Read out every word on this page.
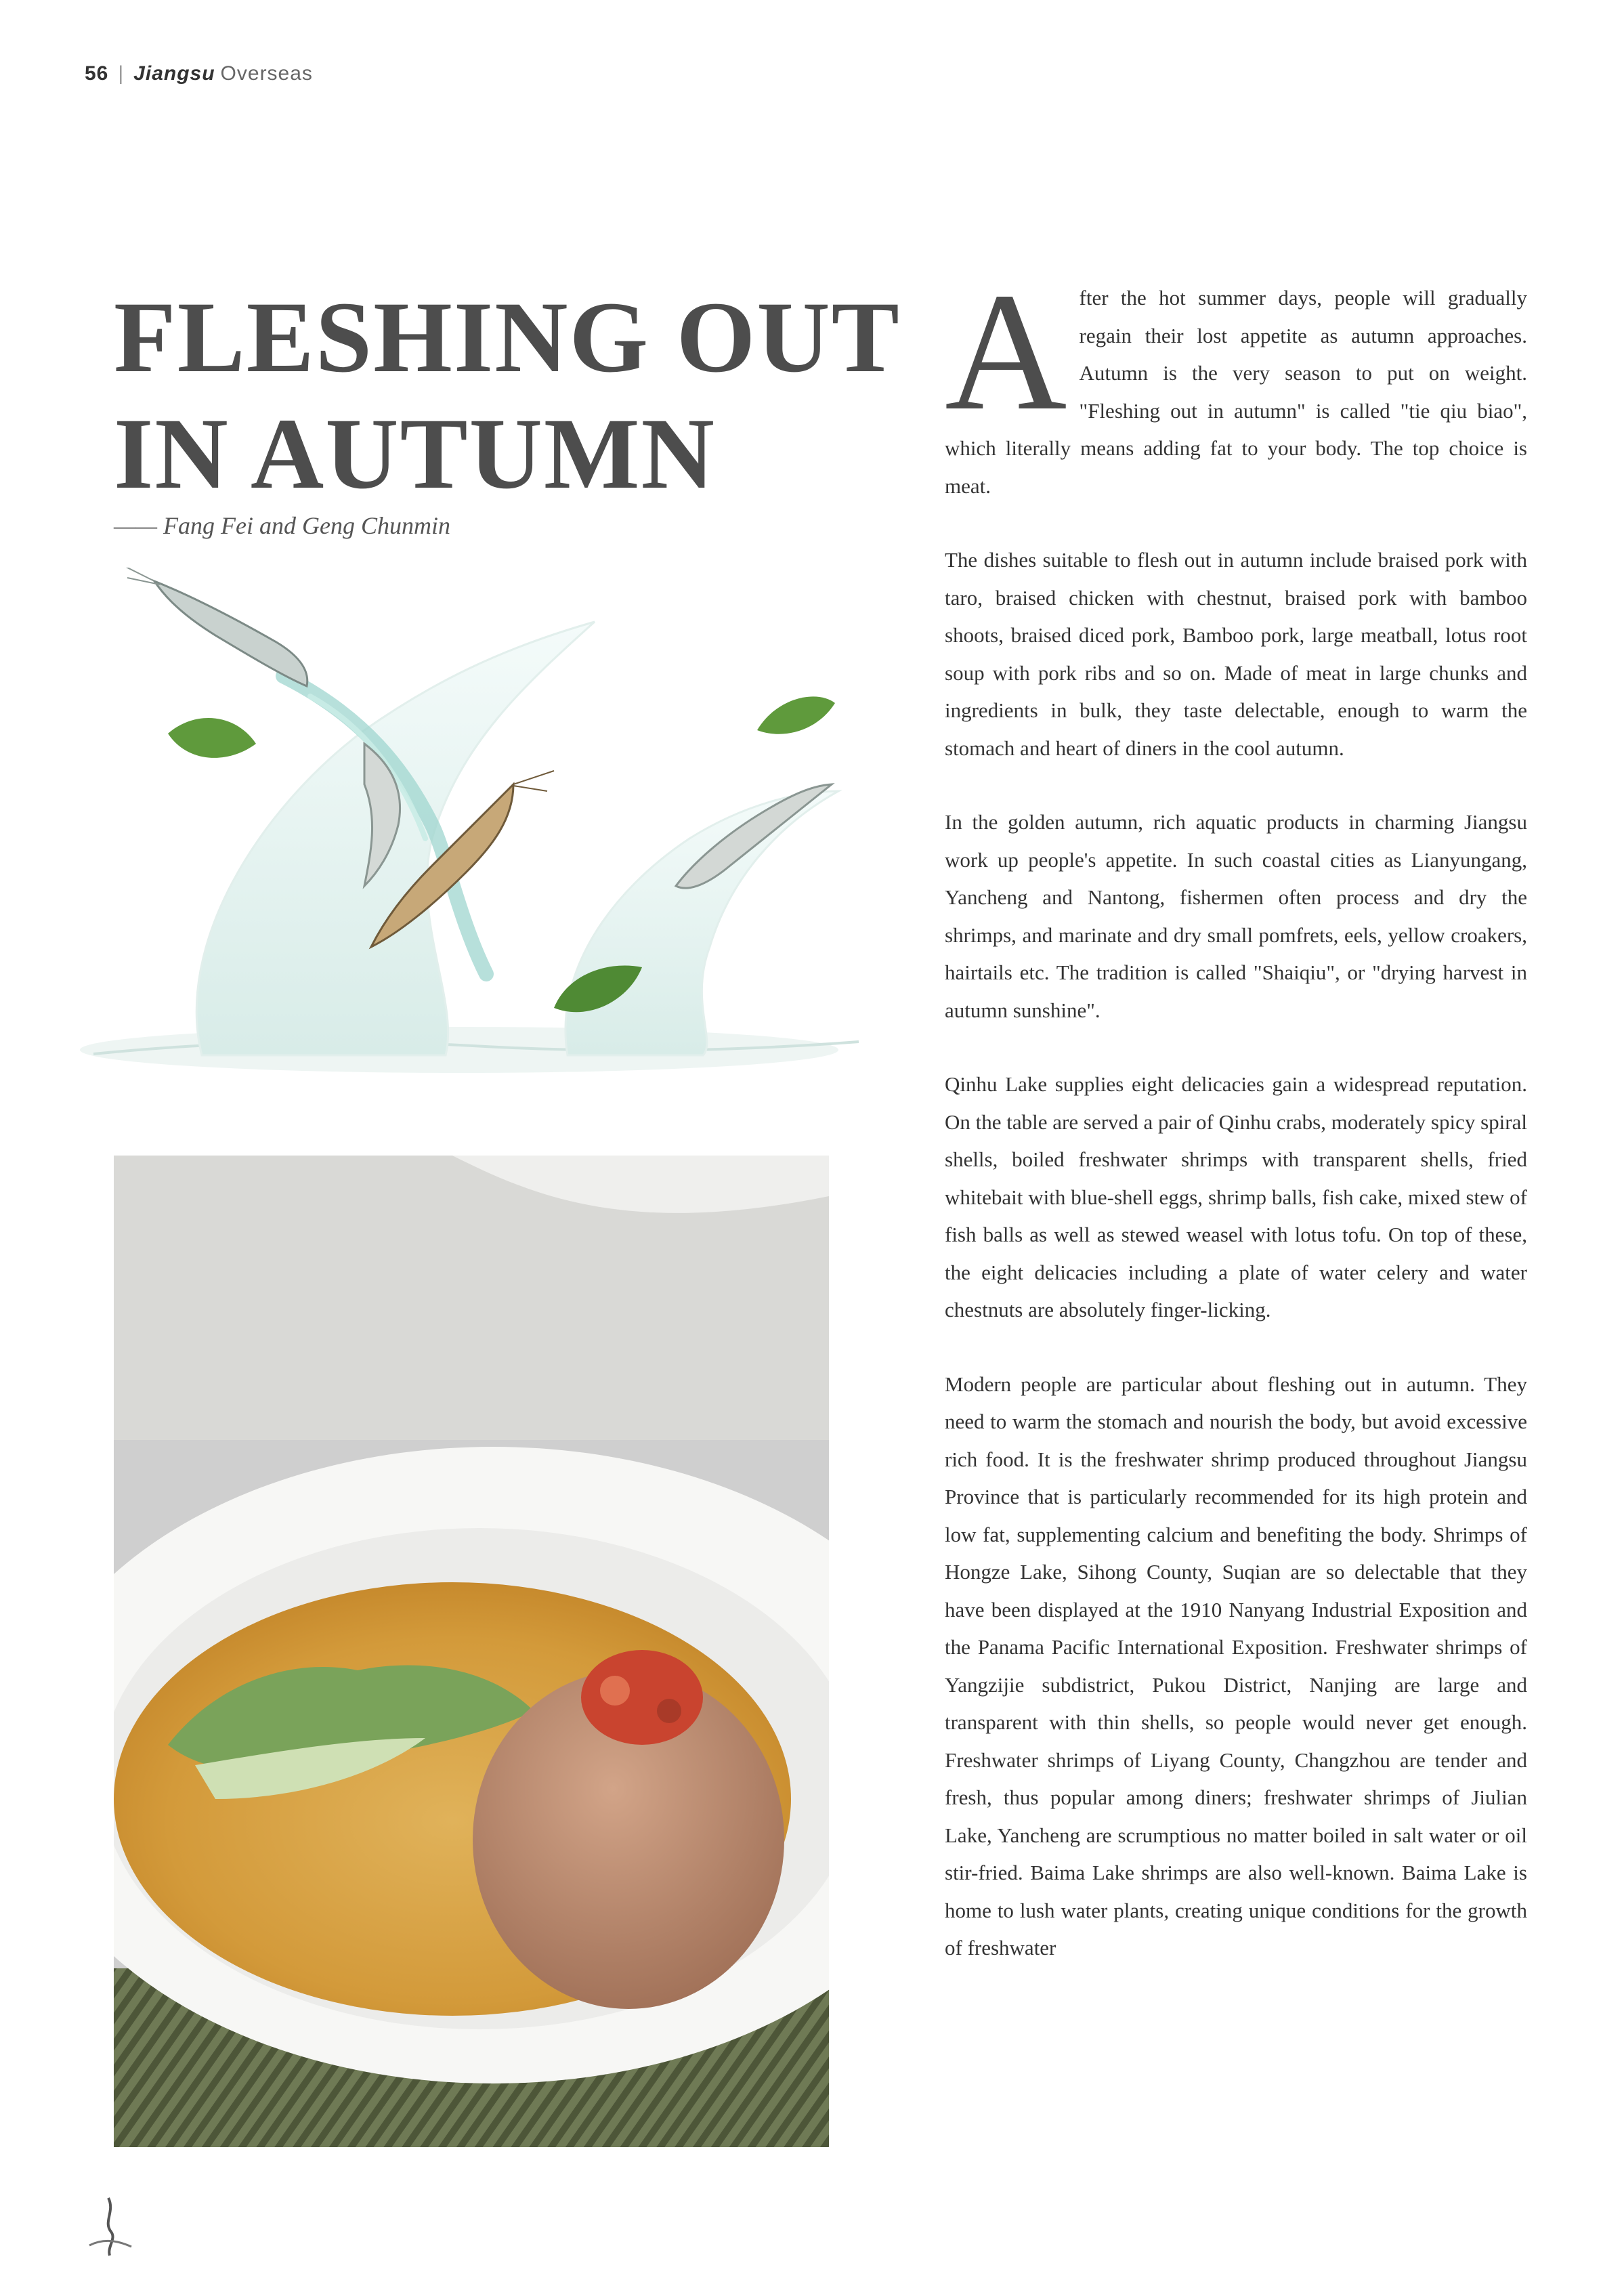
56 | Jiangsu Overseas
FLESHING OUT
IN AUTUMN
—— Fang Fei and Geng Chunmin

After the hot summer days, people will gradually regain their lost appetite as autumn approaches. Autumn is the very season to put on weight. "Fleshing out in autumn" is called "tie qiu biao", which literally means adding fat to your body. The top choice is meat.

The dishes suitable to flesh out in autumn include braised pork with taro, braised chicken with chestnut, braised pork with bamboo shoots, braised diced pork, Bamboo pork, large meatball, lotus root soup with pork ribs and so on. Made of meat in large chunks and ingredients in bulk, they taste delectable, enough to warm the stomach and heart of diners in the cool autumn.

In the golden autumn, rich aquatic products in charming Jiangsu work up people's appetite. In such coastal cities as Lianyungang, Yancheng and Nantong, fishermen often process and dry the shrimps, and marinate and dry small pomfrets, eels, yellow croakers, hairtails etc. The tradition is called "Shaiqiu", or "drying harvest in autumn sunshine".

Qinhu Lake supplies eight delicacies gain a widespread reputation. On the table are served a pair of Qinhu crabs, moderately spicy spiral shells, boiled freshwater shrimps with transparent shells, fried whitebait with blue-shell eggs, shrimp balls, fish cake, mixed stew of fish balls as well as stewed weasel with lotus tofu. On top of these, the eight delicacies including a plate of water celery and water chestnuts are absolutely finger-licking.

Modern people are particular about fleshing out in autumn. They need to warm the stomach and nourish the body, but avoid excessive rich food. It is the freshwater shrimp produced throughout Jiangsu Province that is particularly recommended for its high protein and low fat, supplementing calcium and benefiting the body. Shrimps of Hongze Lake, Sihong County, Suqian are so delectable that they have been displayed at the 1910 Nanyang Industrial Exposition and the Panama Pacific International Exposition. Freshwater shrimps of Yangzijie subdistrict, Pukou District, Nanjing are large and transparent with thin shells, so people would never get enough. Freshwater shrimps of Liyang County, Changzhou are tender and fresh, thus popular among diners; freshwater shrimps of Jiulian Lake, Yancheng are scrumptious no matter boiled in salt water or oil stir-fried. Baima Lake shrimps are also well-known. Baima Lake is home to lush water plants, creating unique conditions for the growth of freshwater
